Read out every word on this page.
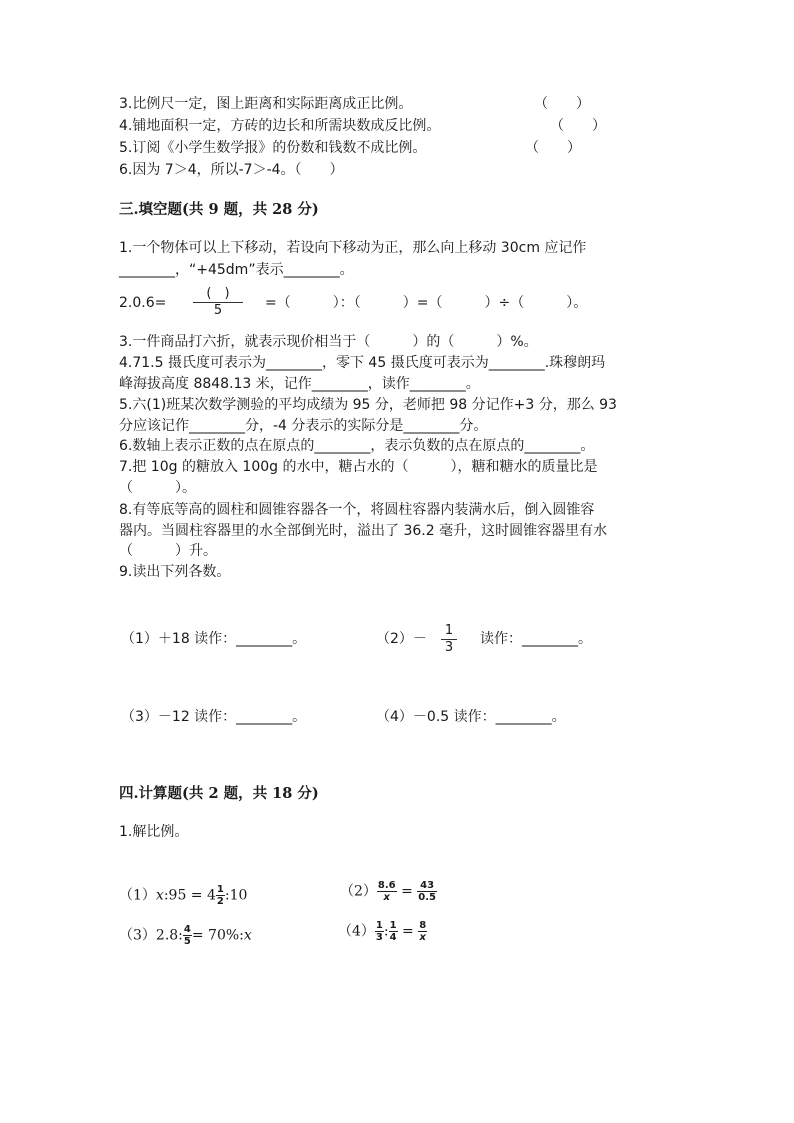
3.比例尺一定，图上距离和实际距离成正比例。	（　　）
4.铺地面积一定，方砖的边长和所需块数成反比例。	（　　）
5.订阅《小学生数学报》的份数和钱数不成比例。	（　　）
6.因为 7＞4，所以-7＞-4。（　　）
三.填空题(共 9 题，共 28 分)
1.一个物体可以上下移动，若设向下移动为正，那么向上移动 30cm 应记作
________，“+45dm”表示________。
2.0.6=
(　)
5	=（　　　）：（　　　）=（　　　）÷（　　　）。
3.一件商品打六折，就表示现价相当于（　　　）的（　　　）%。
4.71.5 摄氏度可表示为________，零下 45 摄氏度可表示为________.珠穆朗玛
峰海拔高度 8848.13 米，记作________，读作________。
5.六(1)班某次数学测验的平均成绩为 95 分，老师把 98 分记作+3 分，那么 93
分应该记作________分，-4 分表示的实际分是________分。
6.数轴上表示正数的点在原点的________，表示负数的点在原点的________。
7.把 10g 的糖放入 100g 的水中，糖占水的（　　　），糖和糖水的质量比是
（　　　）。
8.有等底等高的圆柱和圆锥容器各一个，将圆柱容器内装满水后，倒入圆锥容
器内。当圆柱容器里的水全部倒光时，溢出了 36.2 毫升，这时圆锥容器里有水
（　　　）升。
9.读出下列各数。
（1）＋18 读作：________。	（2）－
1
3
读作：________。
（3）－12 读作：________。	（4）－0.5 读作：________。
四.计算题(共 2 题，共 18 分)
1.解比例。
（1）x:95 = $4 \frac{1}{2}$ :10	$(2) \frac{8.6}{x} = \frac{43}{0.5}$
（3）2.8: $\frac{4}{5}$ = 70%:x	$(4) \frac{1}{3}$ : $\frac{1}{4} = \frac{8}{x}$
